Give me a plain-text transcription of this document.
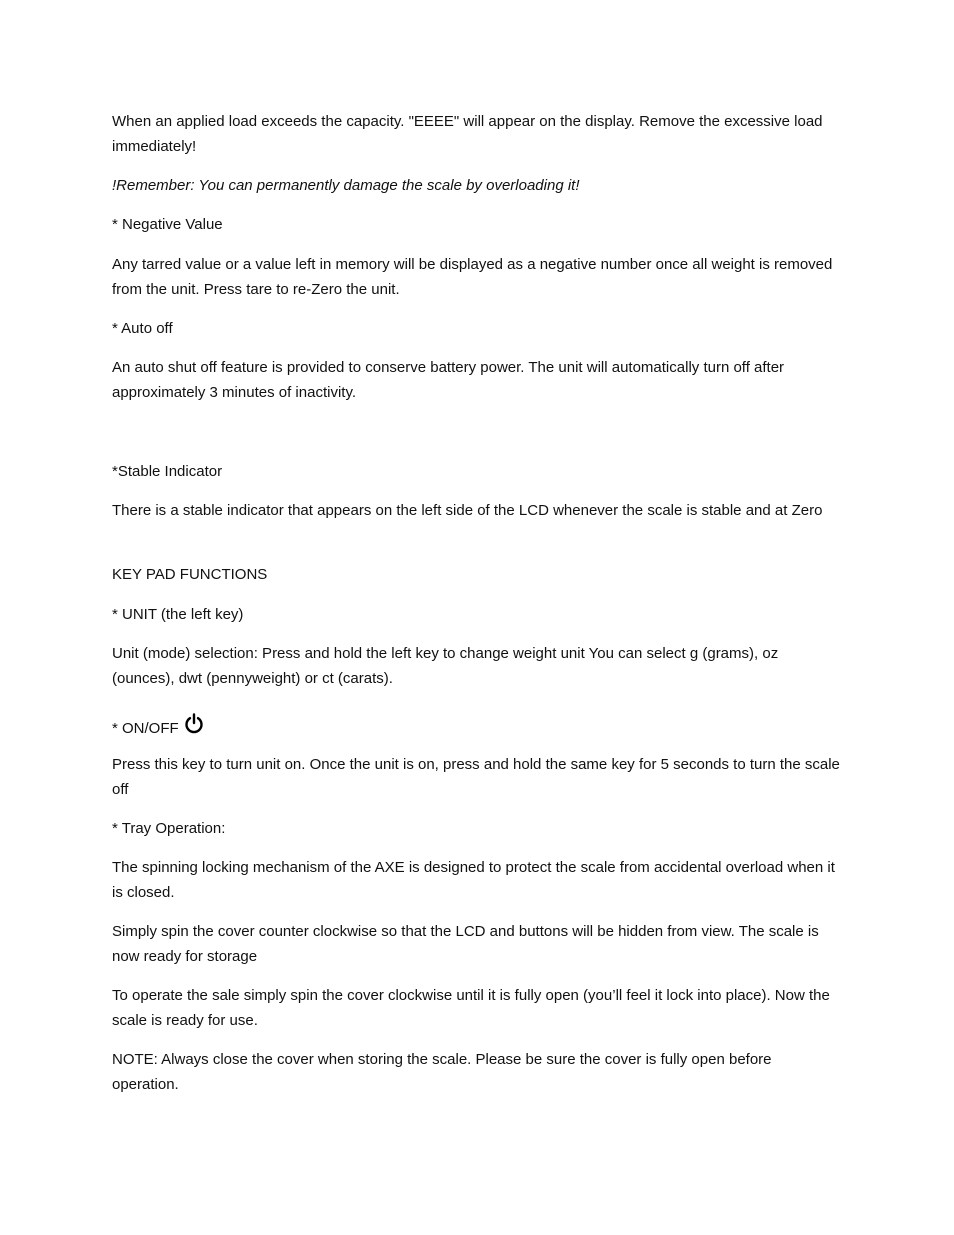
When an applied load exceeds the capacity. "EEEE" will appear on the display. Remove the excessive load immediately!

!Remember: You can permanently damage the scale by overloading it!

* Negative Value

Any tarred value or a value left in memory will be displayed as a negative number once all weight is removed from the unit. Press tare to re-Zero the unit.

* Auto off

An auto shut off feature is provided to conserve battery power. The unit will automatically turn off after approximately 3 minutes of inactivity.

*Stable Indicator

There is a stable indicator that appears on the left side of the LCD whenever the scale is stable and at Zero

KEY PAD FUNCTIONS

* UNIT (the left key)

Unit (mode) selection: Press and hold the left key to change weight unit You can select g (grams), oz (ounces), dwt (pennyweight) or ct (carats).

* ON/OFF

Press this key to turn unit on. Once the unit is on, press and hold the same key for 5 seconds to turn the scale off

* Tray Operation:

The spinning locking mechanism of the AXE is designed to protect the scale from accidental overload when it is closed.

Simply spin the cover counter clockwise so that the LCD and buttons will be hidden from view. The scale is now ready for storage

To operate the sale simply spin the cover clockwise until it is fully open (you’ll feel it lock into place). Now the scale is ready for use.

NOTE: Always close the cover when storing the scale. Please be sure the cover is fully open before operation.
